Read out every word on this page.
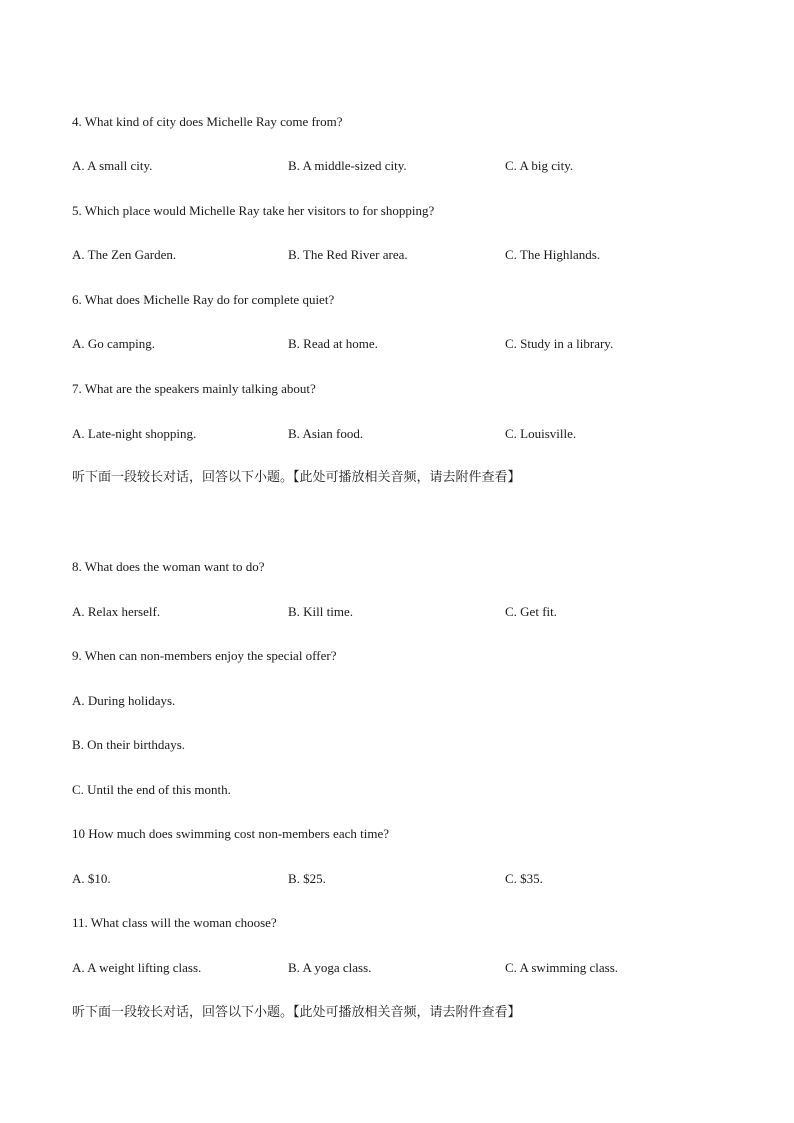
4. What kind of city does Michelle Ray come from?
A. A small city.	B. A middle-sized city.	C. A big city.
5. Which place would Michelle Ray take her visitors to for shopping?
A. The Zen Garden.	B. The Red River area.	C. The Highlands.
6. What does Michelle Ray do for complete quiet?
A. Go camping.	B. Read at home.	C. Study in a library.
7. What are the speakers mainly talking about?
A. Late-night shopping.	B. Asian food.	C. Louisville.
听下面一段较长对话，回答以下小题。【此处可播放相关音频，请去附件查看】
8. What does the woman want to do?
A. Relax herself.	B. Kill time.	C. Get fit.
9. When can non-members enjoy the special offer?
A. During holidays.
B. On their birthdays.
C. Until the end of this month.
10 How much does swimming cost non-members each time?
A. $10.	B. $25.	C. $35.
11. What class will the woman choose?
A. A weight lifting class.	B. A yoga class.	C. A swimming class.
听下面一段较长对话，回答以下小题。【此处可播放相关音频，请去附件查看】
